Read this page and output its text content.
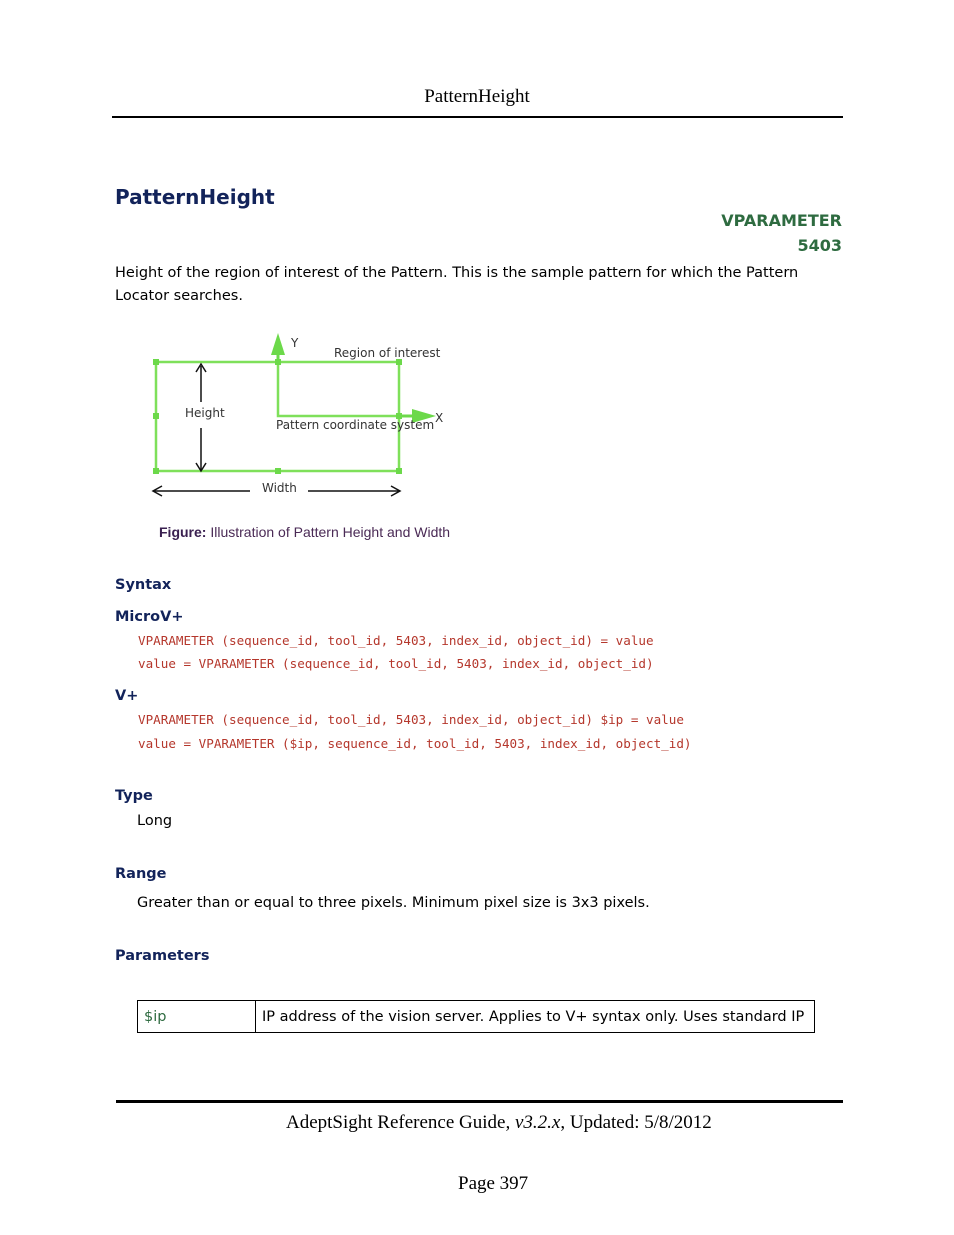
PatternHeight
PatternHeight
VPARAMETER
5403
Height of the region of interest of the Pattern. This is the sample pattern for which the Pattern Locator searches.
Y
Region of interest
Height
Pattern coordinate system X
Width
Figure: Illustration of Pattern Height and Width
Syntax
MicroV+
VPARAMETER (sequence_id, tool_id, 5403, index_id, object_id) = value
value = VPARAMETER (sequence_id, tool_id, 5403, index_id, object_id)
V+
VPARAMETER (sequence_id, tool_id, 5403, index_id, object_id) $ip = value
value = VPARAMETER ($ip, sequence_id, tool_id, 5403, index_id, object_id)
Type
Long
Range
Greater than or equal to three pixels. Minimum pixel size is 3x3 pixels.
Parameters
$ip	IP address of the vision server. Applies to V+ syntax only. Uses standard IP
AdeptSight Reference Guide, v3.2.x, Updated: 5/8/2012
Page 397
